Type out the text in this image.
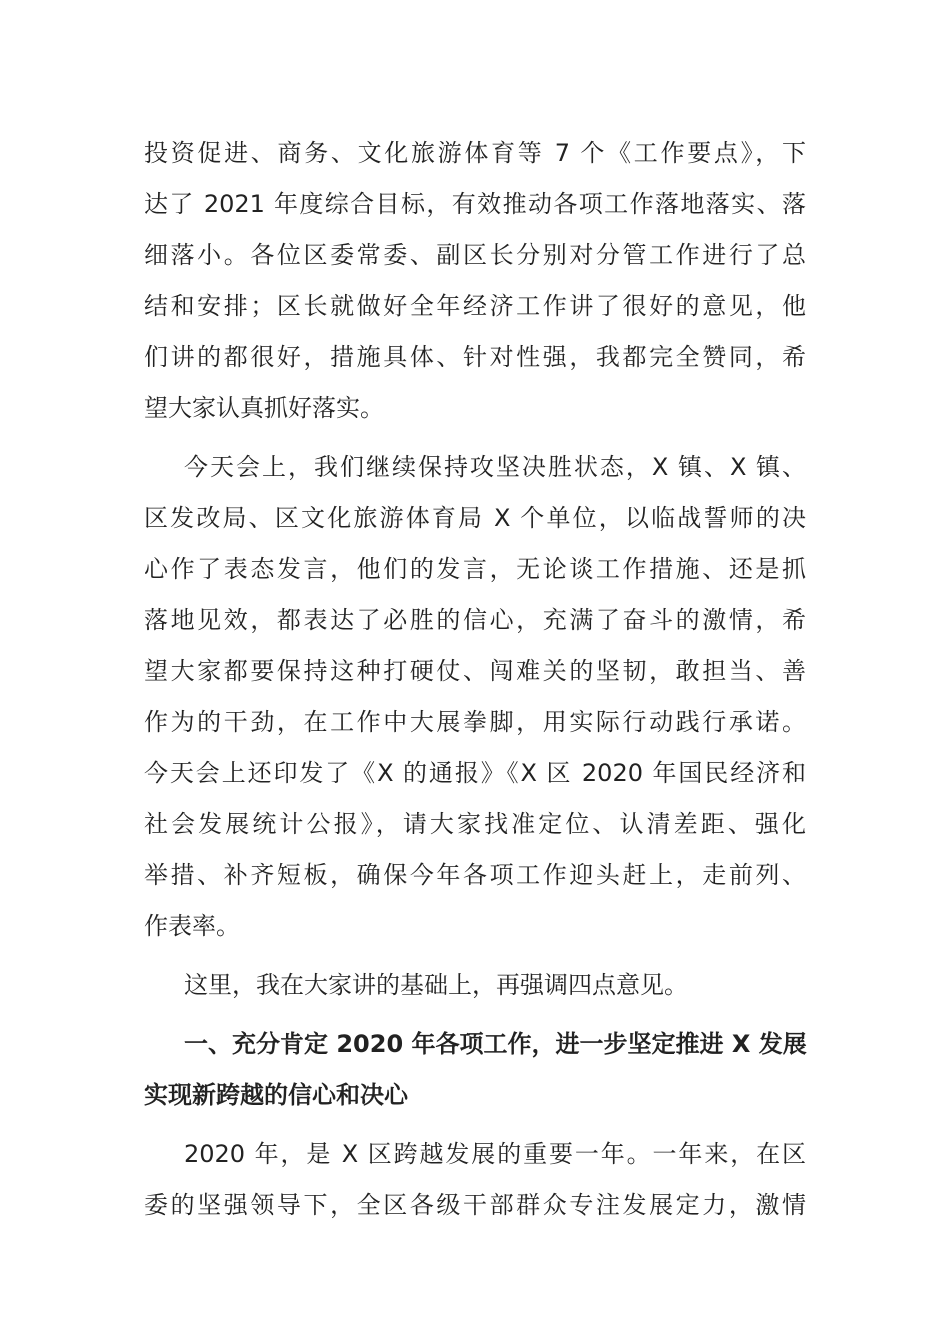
投资促进、商务、文化旅游体育等 7 个《工作要点》，下
达了 2021 年度综合目标，有效推动各项工作落地落实、落
细落小。各位区委常委、副区长分别对分管工作进行了总
结和安排；区长就做好全年经济工作讲了很好的意见，他
们讲的都很好，措施具体、针对性强，我都完全赞同，希
望大家认真抓好落实。
今天会上，我们继续保持攻坚决胜状态，X 镇、X 镇、
区发改局、区文化旅游体育局 X 个单位，以临战誓师的决
心作了表态发言，他们的发言，无论谈工作措施、还是抓
落地见效，都表达了必胜的信心，充满了奋斗的激情，希
望大家都要保持这种打硬仗、闯难关的坚韧，敢担当、善
作为的干劲，在工作中大展拳脚，用实际行动践行承诺。
今天会上还印发了《X 的通报》《X 区 2020 年国民经济和
社会发展统计公报》，请大家找准定位、认清差距、强化
举措、补齐短板，确保今年各项工作迎头赶上，走前列、
作表率。
这里，我在大家讲的基础上，再强调四点意见。
一、充分肯定 2020 年各项工作，进一步坚定推进 X 发展
实现新跨越的信心和决心
2020 年，是 X 区跨越发展的重要一年。一年来，在区
委的坚强领导下，全区各级干部群众专注发展定力，激情
